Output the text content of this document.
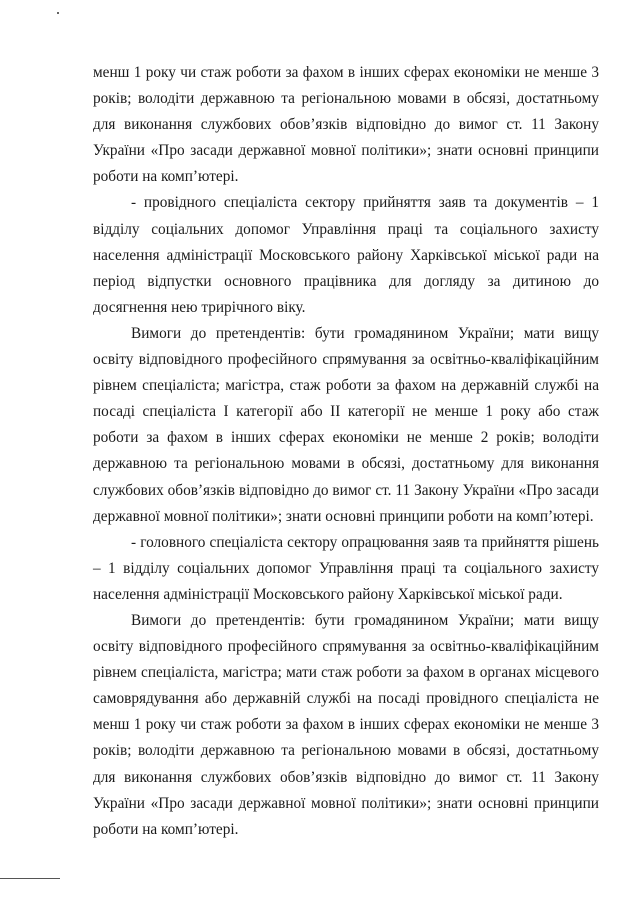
менш 1 року чи стаж роботи за фахом в інших сферах економіки не менше 3 років; володіти державною та регіональною мовами в обсязі, достатньому для виконання службових обов’язків відповідно до вимог ст. 11 Закону України «Про засади державної мовної політики»; знати основні принципи роботи на комп’ютері.

- провідного спеціаліста сектору прийняття заяв та документів – 1 відділу соціальних допомог Управління праці та соціального захисту населення адміністрації Московського району Харківської міської ради на період відпустки основного працівника для догляду за дитиною до досягнення нею трирічного віку.

Вимоги до претендентів: бути громадянином України; мати вищу освіту відповідного професійного спрямування за освітньо-кваліфікаційним рівнем спеціаліста; магістра, стаж роботи за фахом на державній службі на посаді спеціаліста І категорії або ІІ категорії не менше 1 року або стаж роботи за фахом в інших сферах економіки не менше 2 років; володіти державною та регіональною мовами в обсязі, достатньому для виконання службових обов’язків відповідно до вимог ст. 11 Закону України «Про засади державної мовної політики»; знати основні принципи роботи на комп’ютері.

- головного спеціаліста сектору опрацювання заяв та прийняття рішень – 1 відділу соціальних допомог Управління праці та соціального захисту населення адміністрації Московського району Харківської міської ради.

Вимоги до претендентів: бути громадянином України; мати вищу освіту відповідного професійного спрямування за освітньо-кваліфікаційним рівнем спеціаліста, магістра; мати стаж роботи за фахом в органах місцевого самоврядування або державній службі на посаді провідного спеціаліста не менш 1 року чи стаж роботи за фахом в інших сферах економіки не менше 3 років; володіти державною та регіональною мовами в обсязі, достатньому для виконання службових обов’язків відповідно до вимог ст. 11 Закону України «Про засади державної мовної політики»; знати основні принципи роботи на комп’ютері.
